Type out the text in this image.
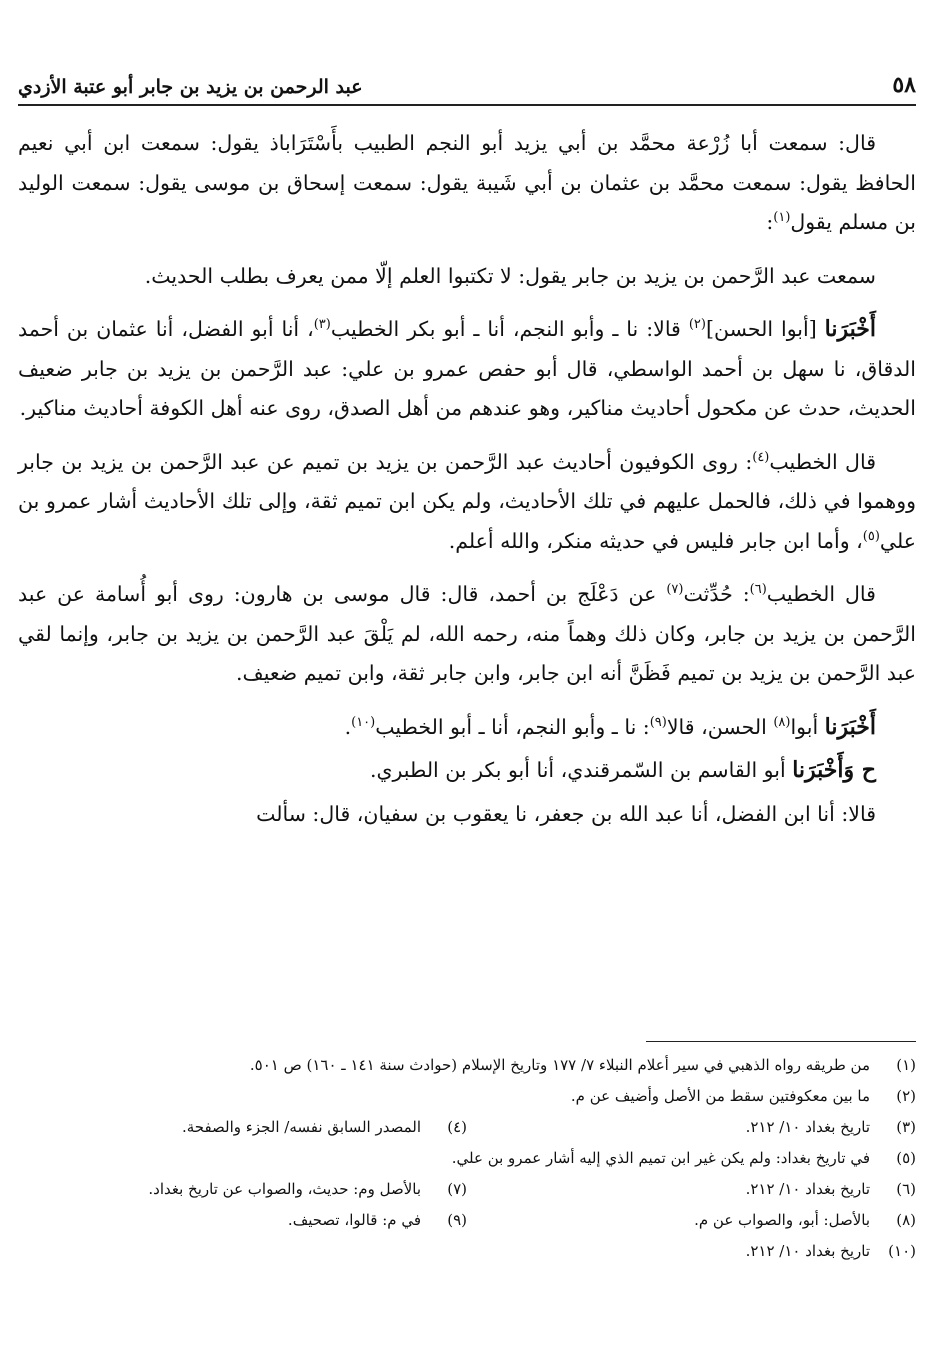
٥٨
عبد الرحمن بن يزيد بن جابر أبو عتبة الأزدي

قال: سمعت أبا زُرْعة محمَّد بن أبي يزيد أبو النجم الطبيب بأَسْتَرَاباذ يقول: سمعت ابن أبي نعيم الحافظ يقول: سمعت محمَّد بن عثمان بن أبي شَيبة يقول: سمعت إسحاق بن موسى يقول: سمعت الوليد بن مسلم يقول$^{(١)}$:

سمعت عبد الرَّحمن بن يزيد بن جابر يقول: لا تكتبوا العلم إلّا ممن يعرف بطلب الحديث.

أَخْبَرَنا [أبوا الحسن]$^{(٢)}$ قالا: نا ـ وأبو النجم، أنا ـ أبو بكر الخطيب$^{(٣)}$، أنا أبو الفضل، أنا عثمان بن أحمد الدقاق، نا سهل بن أحمد الواسطي، قال أبو حفص عمرو بن علي: عبد الرَّحمن بن يزيد بن جابر ضعيف الحديث، حدث عن مكحول أحاديث مناكير، وهو عندهم من أهل الصدق، روى عنه أهل الكوفة أحاديث مناكير.

قال الخطيب$^{(٤)}$: روى الكوفيون أحاديث عبد الرَّحمن بن يزيد بن تميم عن عبد الرَّحمن بن يزيد بن جابر ووهموا في ذلك، فالحمل عليهم في تلك الأحاديث، ولم يكن ابن تميم ثقة، وإلى تلك الأحاديث أشار عمرو بن علي$^{(٥)}$، وأما ابن جابر فليس في حديثه منكر، والله أعلم.

قال الخطيب$^{(٦)}$: حُدِّثت$^{(٧)}$ عن دَعْلَج بن أحمد، قال: قال موسى بن هارون: روى أبو أُسامة عن عبد الرَّحمن بن يزيد بن جابر، وكان ذلك وهماً منه، رحمه الله، لم يَلْقَ عبد الرَّحمن بن يزيد بن جابر، وإنما لقي عبد الرَّحمن بن يزيد بن تميم فَظَنَّ أنه ابن جابر، وابن جابر ثقة، وابن تميم ضعيف.

أَخْبَرَنا أبوا$^{(٨)}$ الحسن، قالا$^{(٩)}$: نا ـ وأبو النجم، أنا ـ أبو الخطيب$^{(١٠)}$.

ح وَأَخْبَرَنا أبو القاسم بن السّمرقندي، أنا أبو بكر بن الطبري.

قالا: أنا ابن الفضل، أنا عبد الله بن جعفر، نا يعقوب بن سفيان، قال: سألت

(١)
من طريقه رواه الذهبي في سير أعلام النبلاء ٧/ ١٧٧ وتاريخ الإسلام (حوادث سنة ١٤١ ـ ١٦٠) ص ٥٠١.
(٢)
ما بين معكوفتين سقط من الأصل وأضيف عن م.
(٣)
تاريخ بغداد ١٠/ ٢١٢.
(٤)
المصدر السابق نفسه/ الجزء والصفحة.
(٥)
في تاريخ بغداد: ولم يكن غير ابن تميم الذي إليه أشار عمرو بن علي.
(٦)
تاريخ بغداد ١٠/ ٢١٢.
(٧)
بالأصل وم: حديث، والصواب عن تاريخ بغداد.
(٨)
بالأصل: أبو، والصواب عن م.
(٩)
في م: قالوا، تصحيف.
(١٠)
تاريخ بغداد ١٠/ ٢١٢.
